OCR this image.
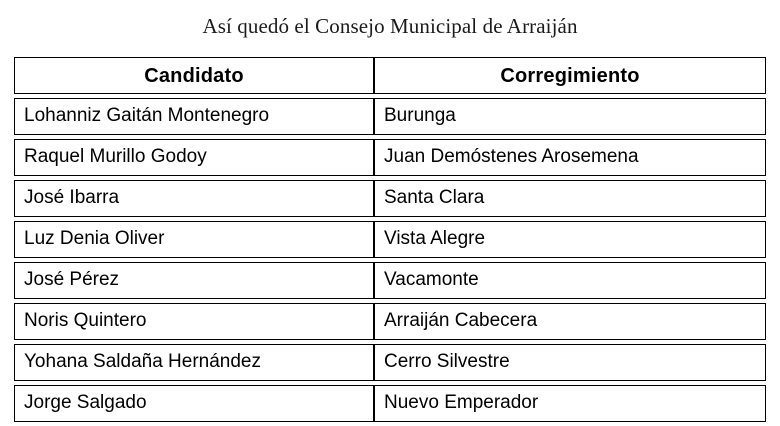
Así quedó el Consejo Municipal de Arraiján
Candidato	Corregimiento

Lohanniz Gaitán Montenegro	Burunga

Raquel Murillo Godoy	Juan Demóstenes Arosemena

José Ibarra	Santa Clara

Luz Denia Oliver	Vista Alegre

José Pérez	Vacamonte

Noris Quintero	Arraiján Cabecera

Yohana Saldaña Hernández	Cerro Silvestre

Jorge Salgado	Nuevo Emperador
